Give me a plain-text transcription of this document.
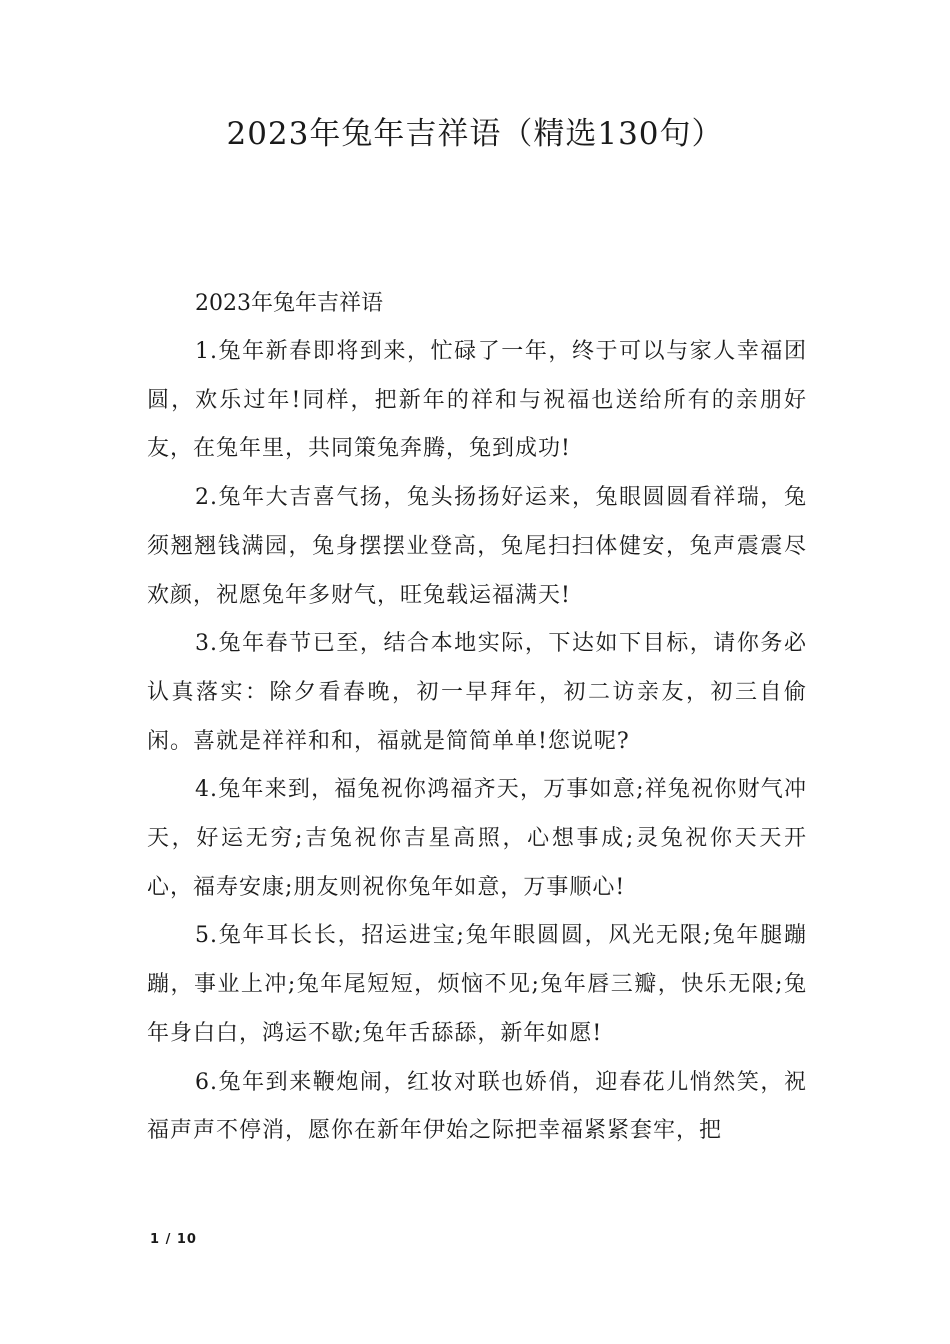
2023年兔年吉祥语（精选130句）

2023年兔年吉祥语

1.兔年新春即将到来，忙碌了一年，终于可以与家人幸福团圆，欢乐过年!同样，把新年的祥和与祝福也送给所有的亲朋好友，在兔年里，共同策兔奔腾，兔到成功!

2.兔年大吉喜气扬，兔头扬扬好运来，兔眼圆圆看祥瑞，兔须翘翘钱满园，兔身摆摆业登高，兔尾扫扫体健安，兔声震震尽欢颜，祝愿兔年多财气，旺兔载运福满天!

3.兔年春节已至，结合本地实际，下达如下目标，请你务必认真落实：除夕看春晚，初一早拜年，初二访亲友，初三自偷闲。喜就是祥祥和和，福就是简简单单!您说呢?

4.兔年来到，福兔祝你鸿福齐天，万事如意;祥兔祝你财气冲天，好运无穷;吉兔祝你吉星高照，心想事成;灵兔祝你天天开心，福寿安康;朋友则祝你兔年如意，万事顺心!

5.兔年耳长长，招运进宝;兔年眼圆圆，风光无限;兔年腿蹦蹦，事业上冲;兔年尾短短，烦恼不见;兔年唇三瓣，快乐无限;兔年身白白，鸿运不歇;兔年舌舔舔，新年如愿!

6.兔年到来鞭炮闹，红妆对联也娇俏，迎春花儿悄然笑，祝福声声不停消，愿你在新年伊始之际把幸福紧紧套牢，把

1 / 10
